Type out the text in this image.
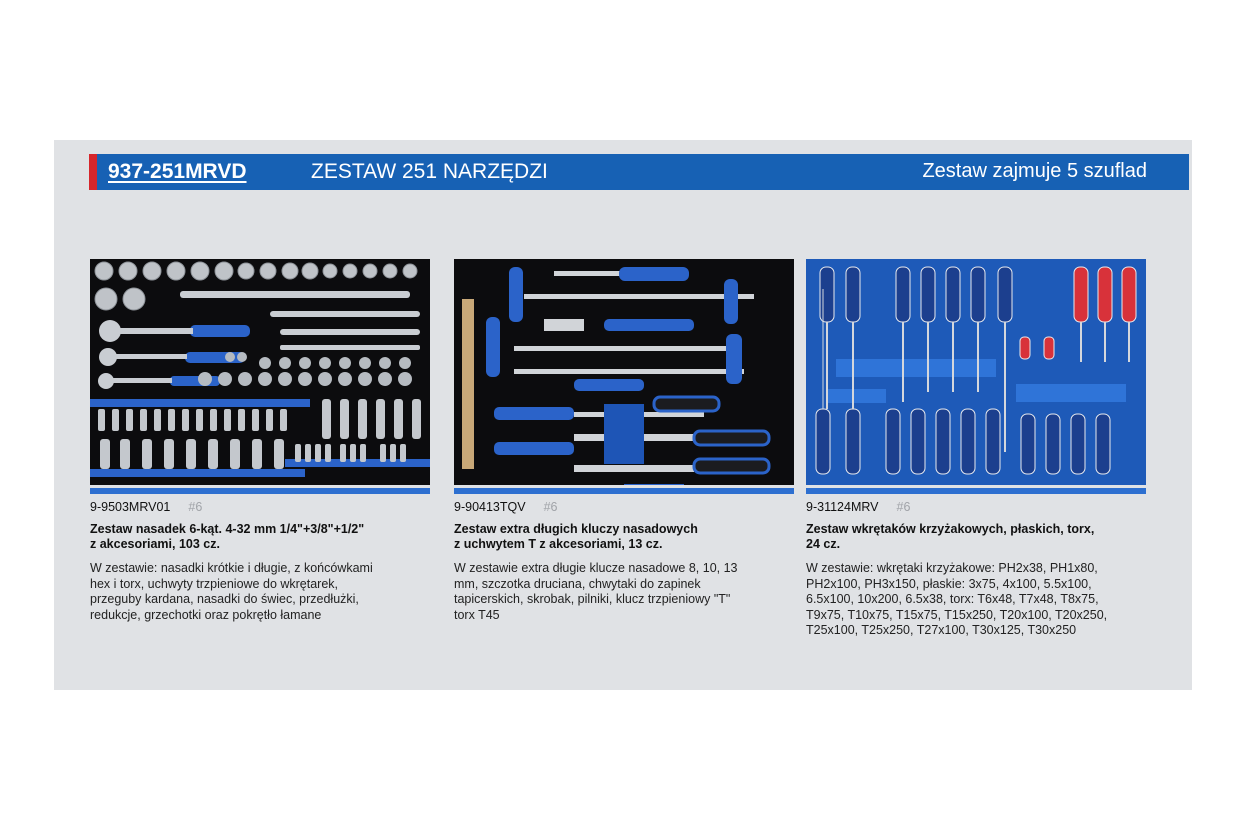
937-251MRVD	ZESTAW 251 NARZĘDZI	Zestaw zajmuje 5 szuflad
9-9503MRV01 #6
Zestaw nasadek 6-kąt. 4-32 mm 1/4"+3/8"+1/2"
z akcesoriami, 103 cz.
W zestawie: nasadki krótkie i długie, z końcówkami
hex i torx, uchwyty trzpieniowe do wkrętarek,
przeguby kardana, nasadki do świec, przedłużki,
redukcje, grzechotki oraz pokrętło łamane
9-90413TQV #6
Zestaw extra długich kluczy nasadowych
z uchwytem T z akcesoriami, 13 cz.
W zestawie extra długie klucze nasadowe 8, 10, 13
mm, szczotka druciana, chwytaki do zapinek
tapicerskich, skrobak, pilniki, klucz trzpieniowy "T"
torx T45
9-31124MRV #6
Zestaw wkrętaków krzyżakowych, płaskich, torx,
24 cz.
W zestawie: wkrętaki krzyżakowe: PH2x38, PH1x80,
PH2x100, PH3x150, płaskie: 3x75, 4x100, 5.5x100,
6.5x100, 10x200, 6.5x38, torx: T6x48, T7x48, T8x75,
T9x75, T10x75, T15x75, T15x250, T20x100, T20x250,
T25x100, T25x250, T27x100, T30x125, T30x250
